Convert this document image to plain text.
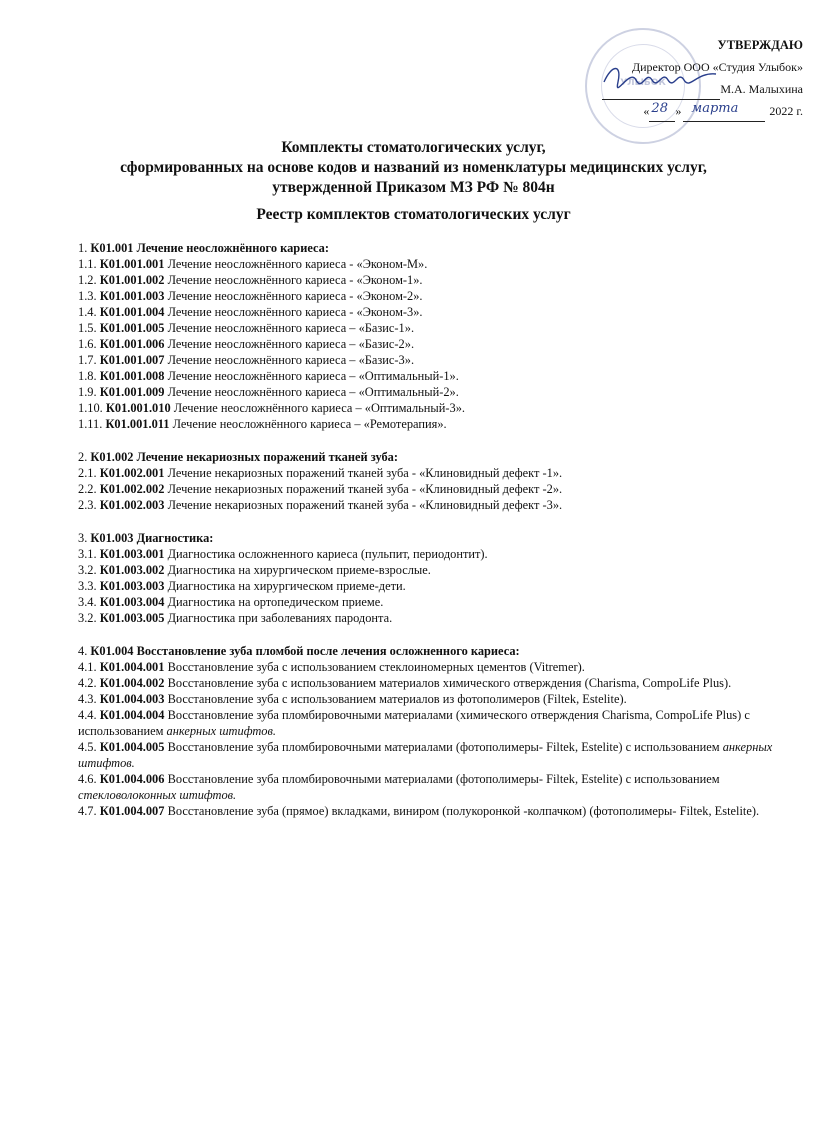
УЛЫБОК
УТВЕРЖДАЮ
Директор ООО «Студия Улыбок»
М.А. Малыхина
« 28 » марта	2022 г.
Комплекты стоматологических услуг,
сформированных на основе кодов и названий из номенклатуры медицинских услуг,
утвержденной Приказом МЗ РФ № 804н
Реестр комплектов стоматологических услуг
1. К01.001 Лечение неосложнённого кариеса:
1.1. К01.001.001 Лечение неосложнённого кариеса - «Эконом-М».
1.2. К01.001.002 Лечение неосложнённого кариеса - «Эконом-1».
1.3. К01.001.003 Лечение неосложнённого кариеса - «Эконом-2».
1.4. К01.001.004 Лечение неосложнённого кариеса - «Эконом-3».
1.5. К01.001.005 Лечение неосложнённого кариеса – «Базис-1».
1.6. К01.001.006 Лечение неосложнённого кариеса – «Базис-2».
1.7. К01.001.007 Лечение неосложнённого кариеса – «Базис-3».
1.8. К01.001.008 Лечение неосложнённого кариеса – «Оптимальный-1».
1.9. К01.001.009 Лечение неосложнённого кариеса – «Оптимальный-2».
1.10. К01.001.010 Лечение неосложнённого кариеса – «Оптимальный-3».
1.11. К01.001.011 Лечение неосложнённого кариеса – «Ремотерапия».
2. К01.002 Лечение некариозных поражений тканей зуба:
2.1. К01.002.001 Лечение некариозных поражений тканей зуба - «Клиновидный дефект -1».
2.2. К01.002.002 Лечение некариозных поражений тканей зуба - «Клиновидный дефект -2».
2.3. К01.002.003 Лечение некариозных поражений тканей зуба - «Клиновидный дефект -3».
3. К01.003 Диагностика:
3.1. К01.003.001 Диагностика осложненного кариеса (пульпит, периодонтит).
3.2. К01.003.002 Диагностика на хирургическом приеме-взрослые.
3.3. К01.003.003 Диагностика на хирургическом приеме-дети.
3.4. К01.003.004 Диагностика на ортопедическом приеме.
3.2. К01.003.005 Диагностика при заболеваниях пародонта.
4. К01.004 Восстановление зуба пломбой после лечения осложненного кариеса:
4.1. К01.004.001 Восстановление зуба с использованием стеклоиномерных цементов (Vitremer).
4.2. К01.004.002 Восстановление зуба с использованием материалов химического отверждения (Charisma, CompoLife Plus).
4.3. К01.004.003 Восстановление зуба с использованием материалов из фотополимеров (Filtek, Estelite).
4.4. К01.004.004 Восстановление зуба пломбировочными материалами (химического отверждения Charisma, CompoLife Plus) с использованием анкерных штифтов.
4.5. К01.004.005 Восстановление зуба пломбировочными материалами (фотополимеры- Filtek, Estelite) с использованием анкерных штифтов.
4.6. К01.004.006 Восстановление зуба пломбировочными материалами (фотополимеры- Filtek, Estelite) с использованием стекловолоконных штифтов.
4.7. К01.004.007 Восстановление зуба (прямое) вкладками, виниром (полукоронкой -колпачком) (фотополимеры- Filtek, Estelite).
